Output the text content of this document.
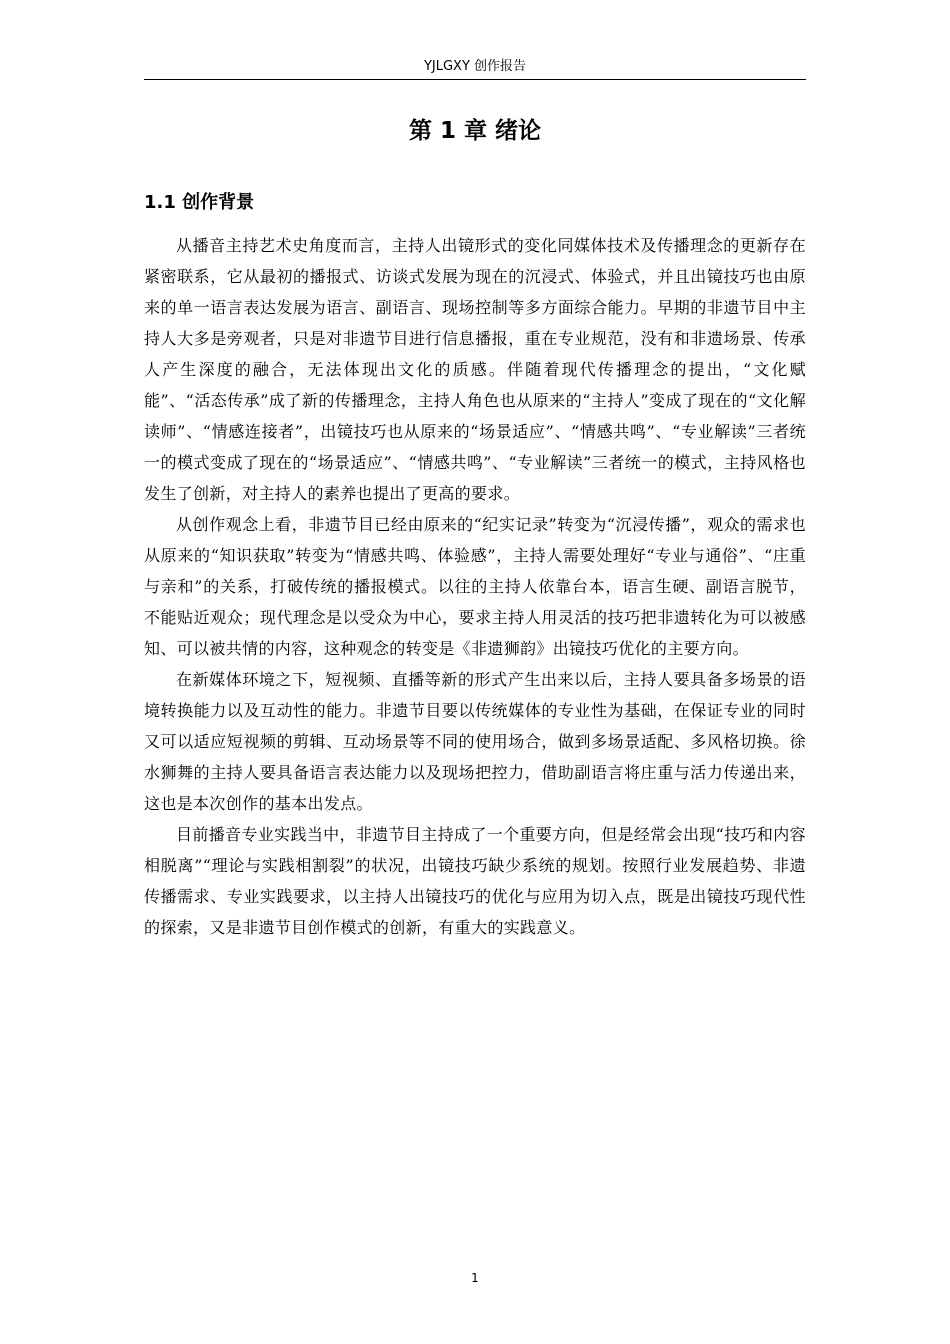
YJLGXY 创作报告
第 1 章 绪论
1.1 创作背景

从播音主持艺术史角度而言，主持人出镜形式的变化同媒体技术及传播理念的更新存在紧密联系，它从最初的播报式、访谈式发展为现在的沉浸式、体验式，并且出镜技巧也由原来的单一语言表达发展为语言、副语言、现场控制等多方面综合能力。早期的非遗节目中主持人大多是旁观者，只是对非遗节目进行信息播报，重在专业规范，没有和非遗场景、传承人产生深度的融合，无法体现出文化的质感。伴随着现代传播理念的提出，“文化赋能”、“活态传承”成了新的传播理念，主持人角色也从原来的“主持人”变成了现在的“文化解读师”、“情感连接者”，出镜技巧也从原来的“场景适应”、“情感共鸣”、“专业解读”三者统一的模式变成了现在的“场景适应”、“情感共鸣”、“专业解读”三者统一的模式，主持风格也发生了创新，对主持人的素养也提出了更高的要求。

从创作观念上看，非遗节目已经由原来的“纪实记录”转变为“沉浸传播”，观众的需求也从原来的“知识获取”转变为“情感共鸣、体验感”，主持人需要处理好“专业与通俗”、“庄重与亲和”的关系，打破传统的播报模式。以往的主持人依靠台本，语言生硬、副语言脱节，不能贴近观众；现代理念是以受众为中心，要求主持人用灵活的技巧把非遗转化为可以被感知、可以被共情的内容，这种观念的转变是《非遗狮韵》出镜技巧优化的主要方向。

在新媒体环境之下，短视频、直播等新的形式产生出来以后，主持人要具备多场景的语境转换能力以及互动性的能力。非遗节目要以传统媒体的专业性为基础，在保证专业的同时又可以适应短视频的剪辑、互动场景等不同的使用场合，做到多场景适配、多风格切换。徐水狮舞的主持人要具备语言表达能力以及现场把控力，借助副语言将庄重与活力传递出来，这也是本次创作的基本出发点。

目前播音专业实践当中，非遗节目主持成了一个重要方向，但是经常会出现“技巧和内容相脱离”“理论与实践相割裂”的状况，出镜技巧缺少系统的规划。按照行业发展趋势、非遗传播需求、专业实践要求，以主持人出镜技巧的优化与应用为切入点，既是出镜技巧现代性的探索，又是非遗节目创作模式的创新，有重大的实践意义。

1
